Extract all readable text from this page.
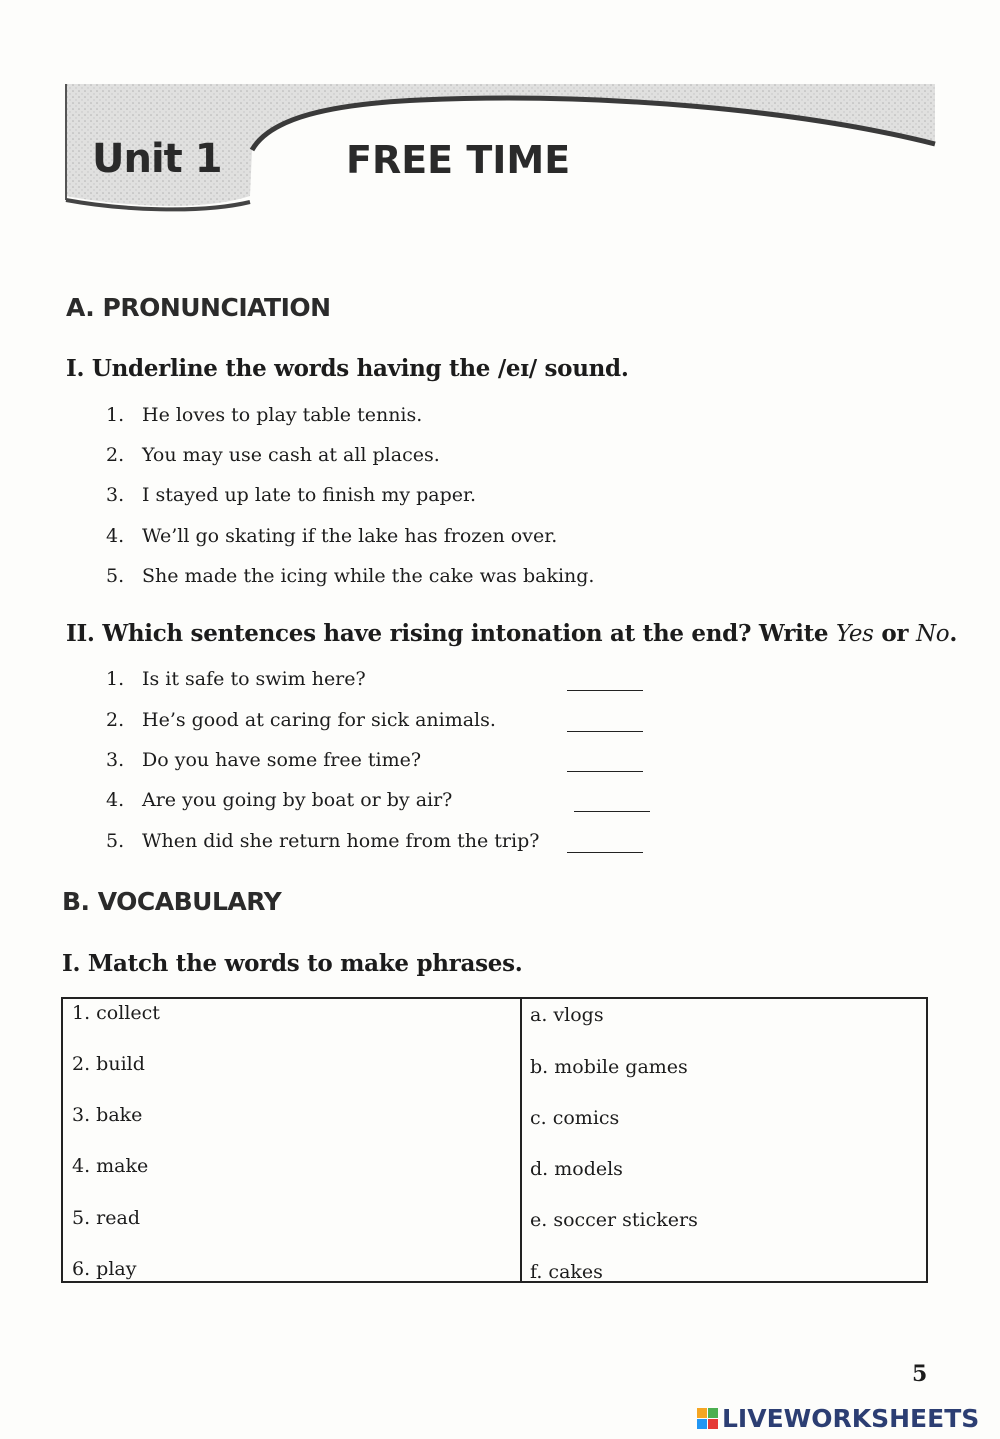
Unit 1	FREE TIME
A. PRONUNCIATION
I. Underline the words having the /eɪ/ sound.
1. He loves to play table tennis.
2. You may use cash at all places.
3. I stayed up late to finish my paper.
4. We’ll go skating if the lake has frozen over.
5. She made the icing while the cake was baking.
II. Which sentences have rising intonation at the end? Write Yes or No.
1. Is it safe to swim here?
2. He’s good at caring for sick animals.
3. Do you have some free time?
4. Are you going by boat or by air?
5. When did she return home from the trip?
B. VOCABULARY
I. Match the words to make phrases.
1. collect
2. build
3. bake
4. make
5. read
6. play
a. vlogs
b. mobile games
c. comics
d. models
e. soccer stickers
f. cakes
5
LIVEWORKSHEETS
